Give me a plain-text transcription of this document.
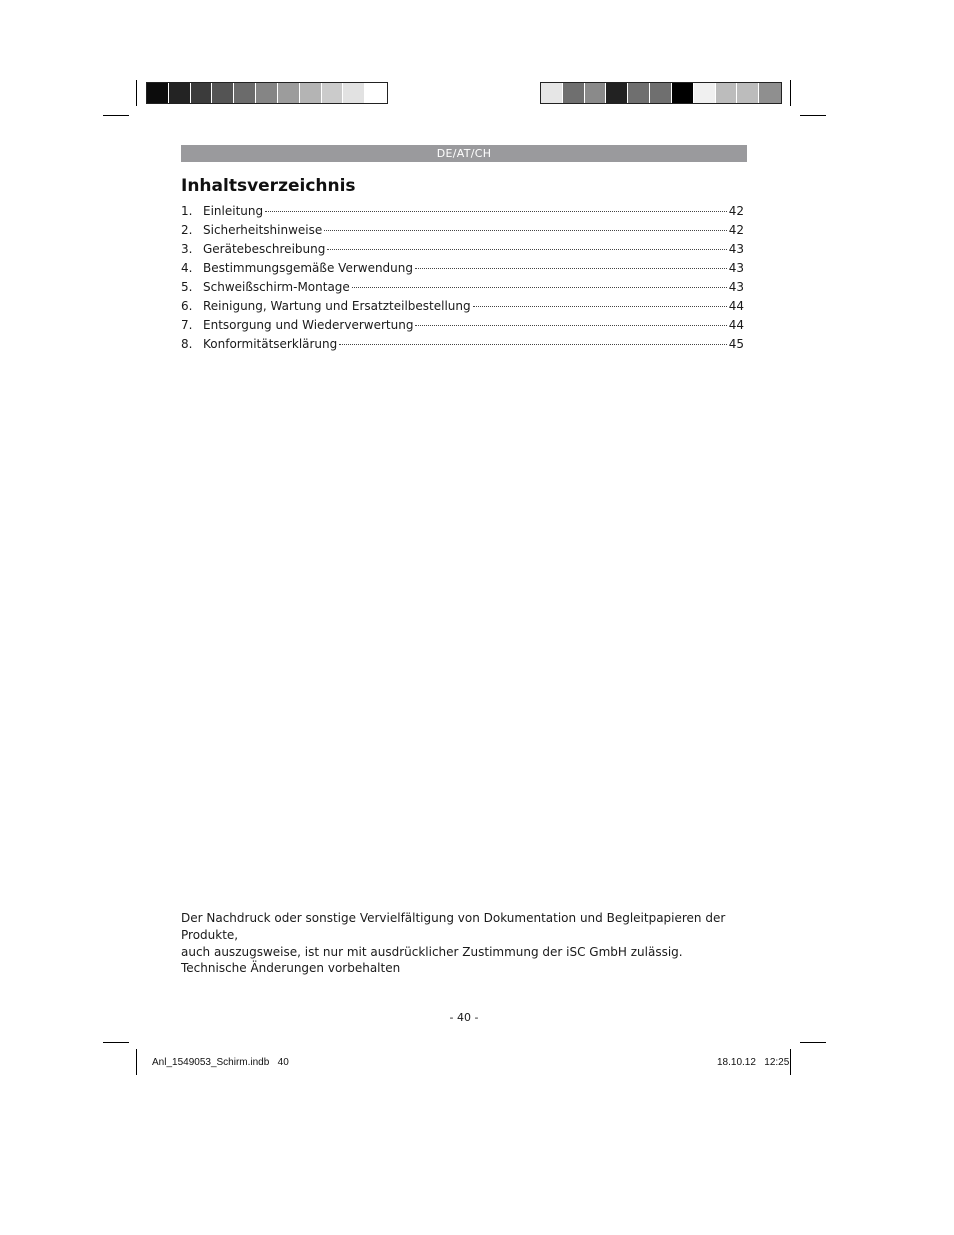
DE/AT/CH
Inhaltsverzeichnis
1. Einleitung	42
2. Sicherheitshinweise	42
3. Gerätebeschreibung	43
4. Bestimmungsgemäße Verwendung	43
5. Schweißschirm-Montage	43
6. Reinigung, Wartung und Ersatzteilbestellung	44
7. Entsorgung und Wiederverwertung	44
8. Konformitätserklärung	45
Der Nachdruck oder sonstige Vervielfältigung von Dokumentation und Begleitpapieren der Produkte,
auch auszugsweise, ist nur mit ausdrücklicher Zustimmung der iSC GmbH zulässig.
Technische Änderungen vorbehalten
- 40 -
Anl_1549053_Schirm.indb   40	18.10.12   12:25
